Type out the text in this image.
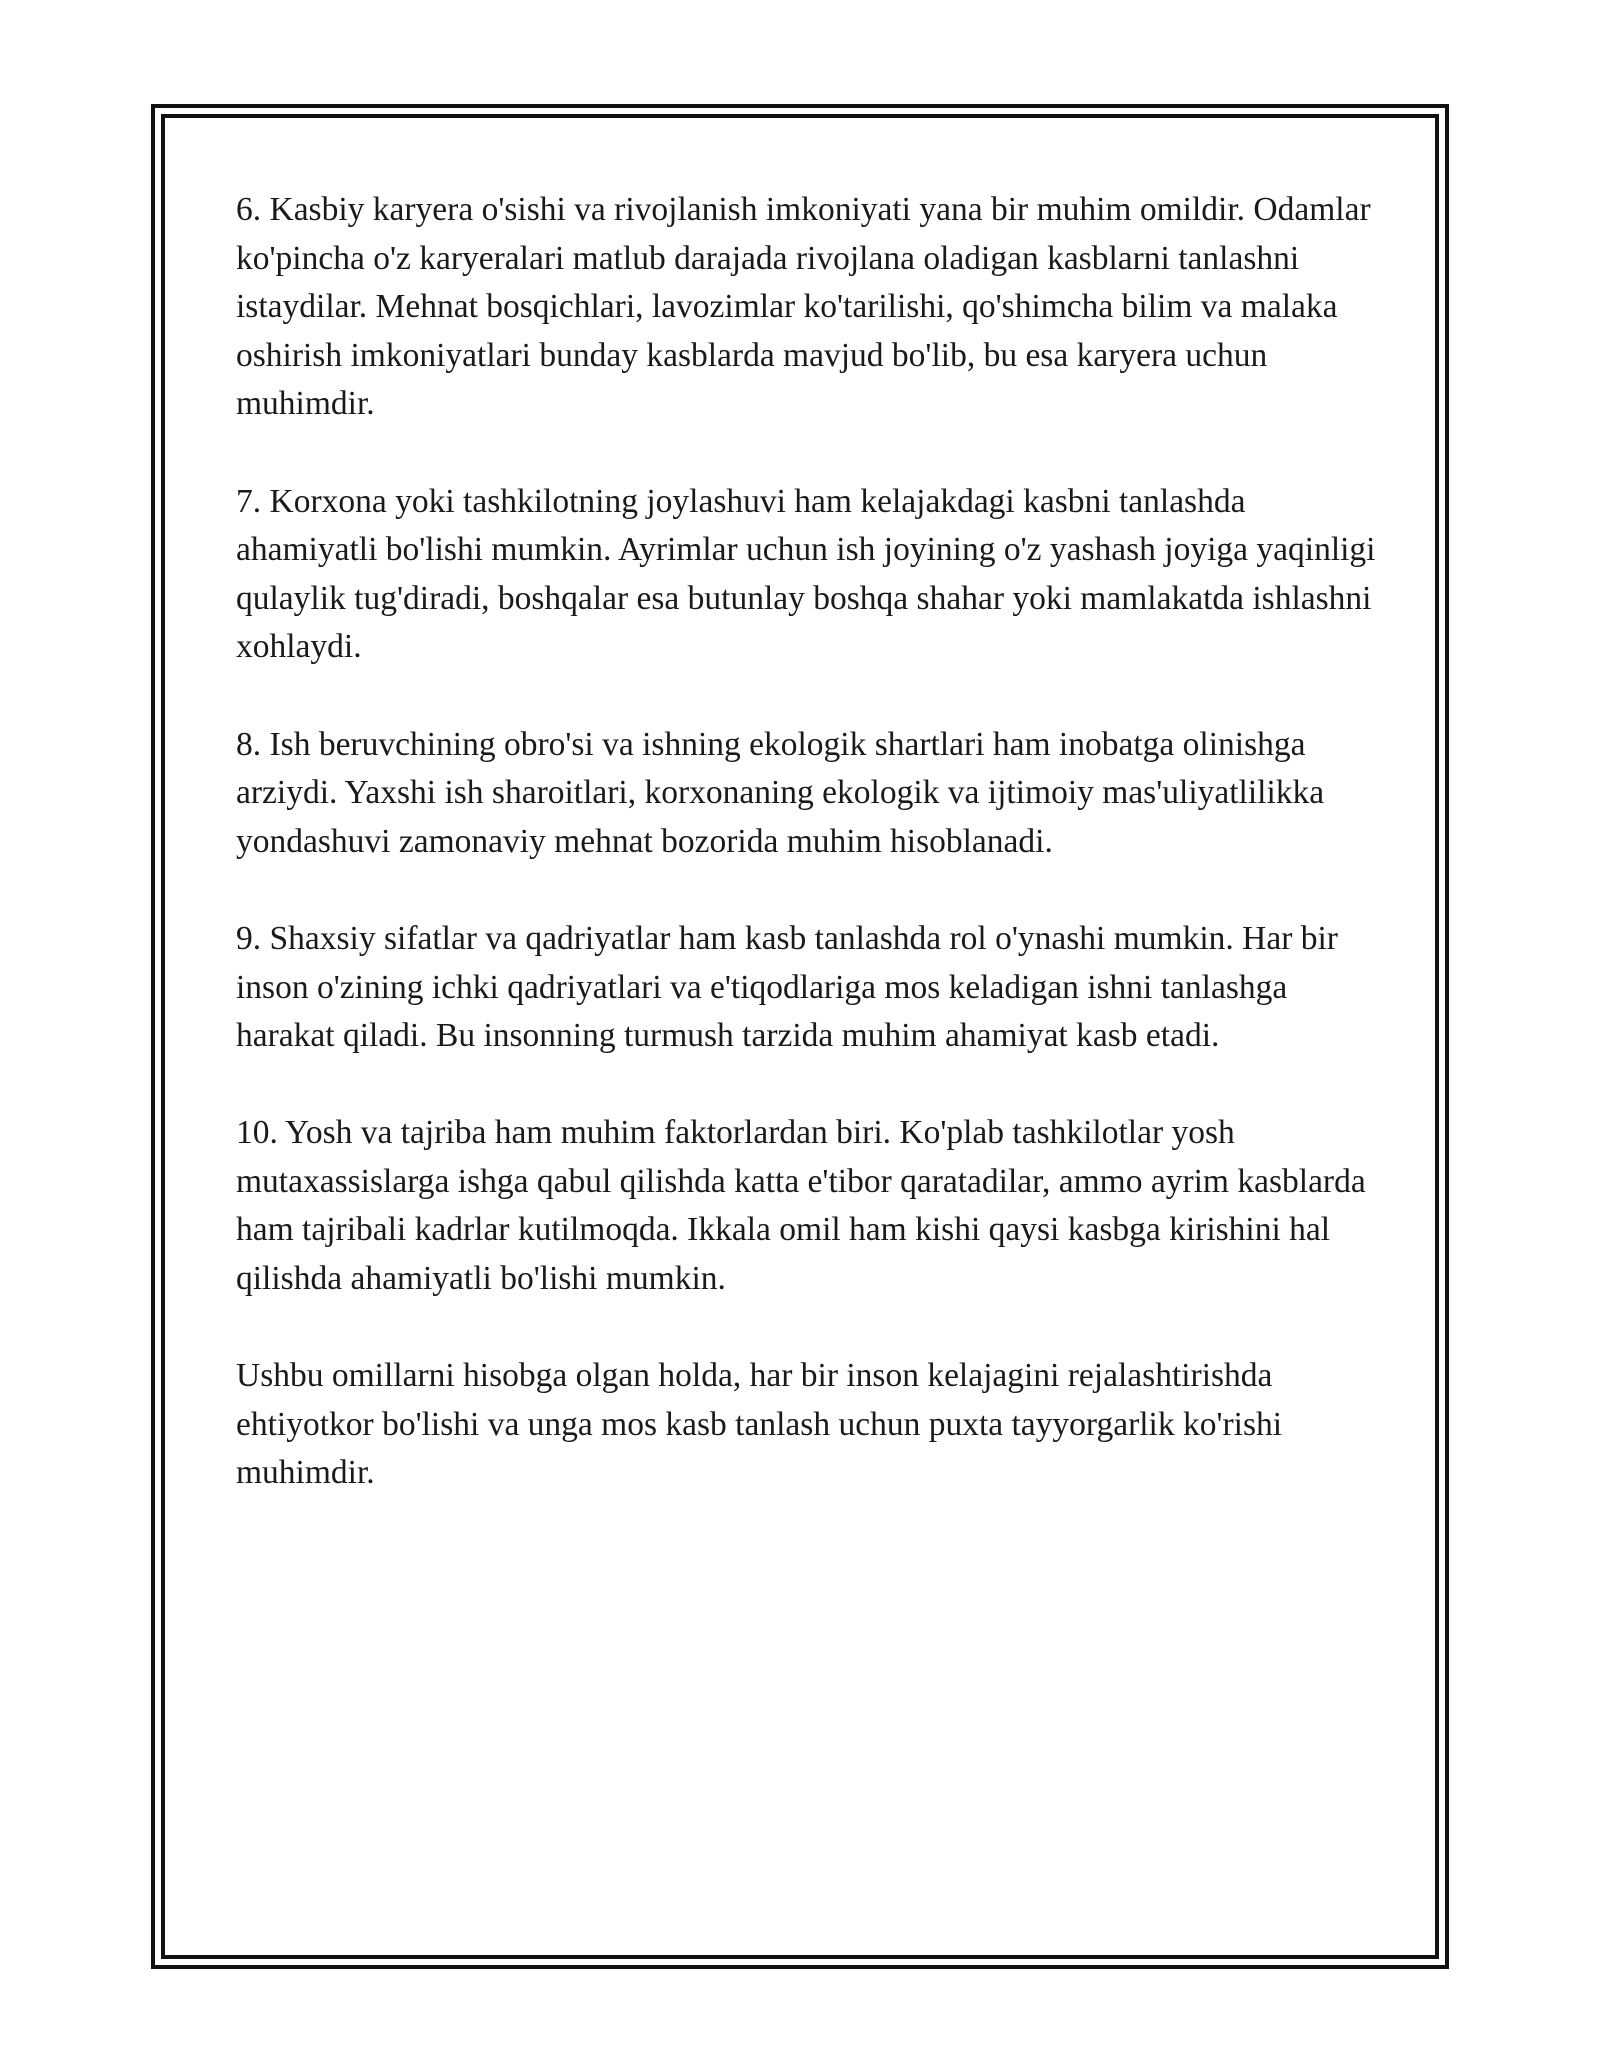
6. Kasbiy karyera o'sishi va rivojlanish imkoniyati yana bir muhim omildir. Odamlar ko'pincha o'z karyeralari matlub darajada rivojlana oladigan kasblarni tanlashni istaydilar. Mehnat bosqichlari, lavozimlar ko'tarilishi, qo'shimcha bilim va malaka oshirish imkoniyatlari bunday kasblarda mavjud bo'lib, bu esa karyera uchun muhimdir.

7. Korxona yoki tashkilotning joylashuvi ham kelajakdagi kasbni tanlashda ahamiyatli bo'lishi mumkin. Ayrimlar uchun ish joyining o'z yashash joyiga yaqinligi qulaylik tug'diradi, boshqalar esa butunlay boshqa shahar yoki mamlakatda ishlashni xohlaydi.

8. Ish beruvchining obro'si va ishning ekologik shartlari ham inobatga olinishga arziydi. Yaxshi ish sharoitlari, korxonaning ekologik va ijtimoiy mas'uliyatlilikka yondashuvi zamonaviy mehnat bozorida muhim hisoblanadi.

9. Shaxsiy sifatlar va qadriyatlar ham kasb tanlashda rol o'ynashi mumkin. Har bir inson o'zining ichki qadriyatlari va e'tiqodlariga mos keladigan ishni tanlashga harakat qiladi. Bu insonning turmush tarzida muhim ahamiyat kasb etadi.

10. Yosh va tajriba ham muhim faktorlardan biri. Ko'plab tashkilotlar yosh mutaxassislarga ishga qabul qilishda katta e'tibor qaratadilar, ammo ayrim kasblarda ham tajribali kadrlar kutilmoqda. Ikkala omil ham kishi qaysi kasbga kirishini hal qilishda ahamiyatli bo'lishi mumkin.

Ushbu omillarni hisobga olgan holda, har bir inson kelajagini rejalashtirishda ehtiyotkor bo'lishi va unga mos kasb tanlash uchun puxta tayyorgarlik ko'rishi muhimdir.
